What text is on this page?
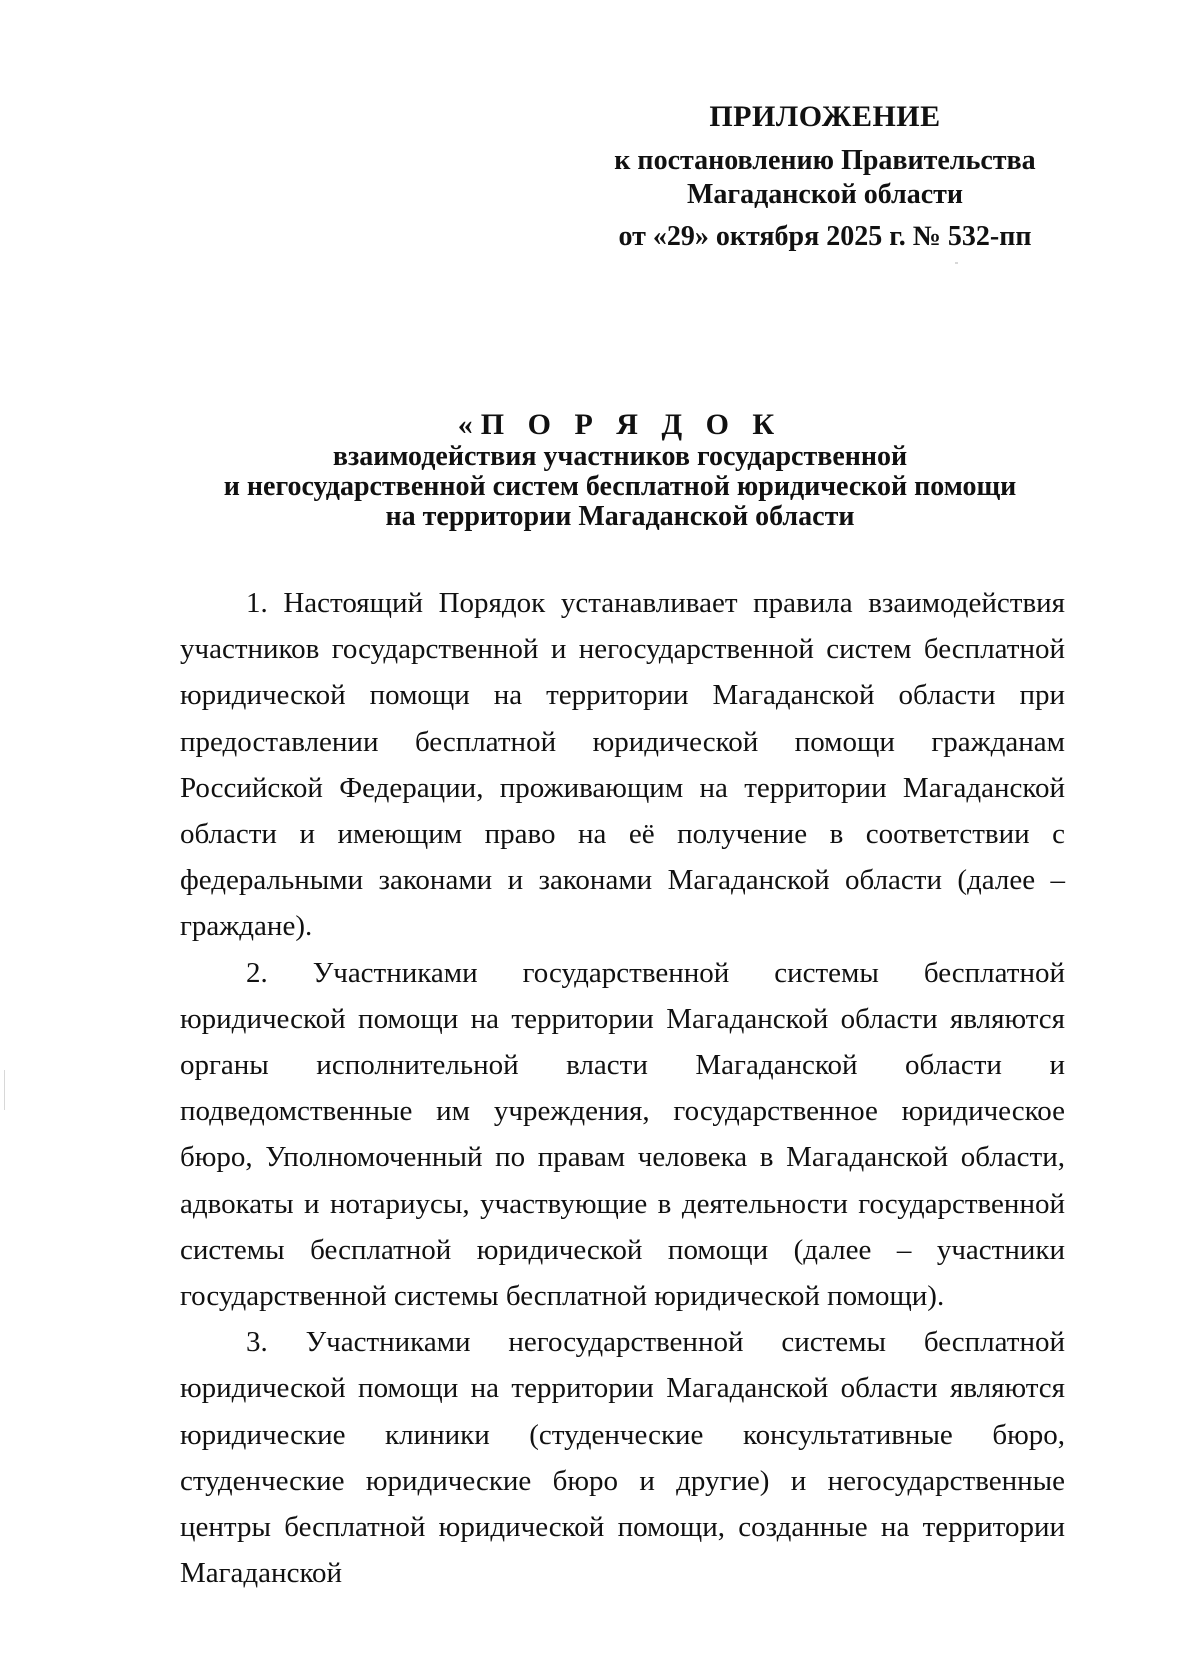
ПРИЛОЖЕНИЕ
к постановлению Правительства
Магаданской области
от «29» октября 2025 г. № 532-пп
«П О Р Я Д О К
взаимодействия участников государственной
и негосударственной систем бесплатной юридической помощи
на территории Магаданской области

1. Настоящий Порядок устанавливает правила взаимодействия участников государственной и негосударственной систем бесплатной юридической помощи на территории Магаданской области при предоставлении бесплатной юридической помощи гражданам Российской Федерации, проживающим на территории Магаданской области и имеющим право на её получение в соответствии с федеральными законами и законами Магаданской области (далее – граждане).

2. Участниками государственной системы бесплатной юридической помощи на территории Магаданской области являются органы исполнительной власти Магаданской области и подведомственные им учреждения, государственное юридическое бюро, Уполномоченный по правам человека в Магаданской области, адвокаты и нотариусы, участвующие в деятельности государственной системы бесплатной юридической помощи (далее – участники государственной системы бесплатной юридической помощи).

3. Участниками негосударственной системы бесплатной юридической помощи на территории Магаданской области являются юридические клиники (студенческие консультативные бюро, студенческие юридические бюро и другие) и негосударственные центры бесплатной юридической помощи, созданные на территории Магаданской
